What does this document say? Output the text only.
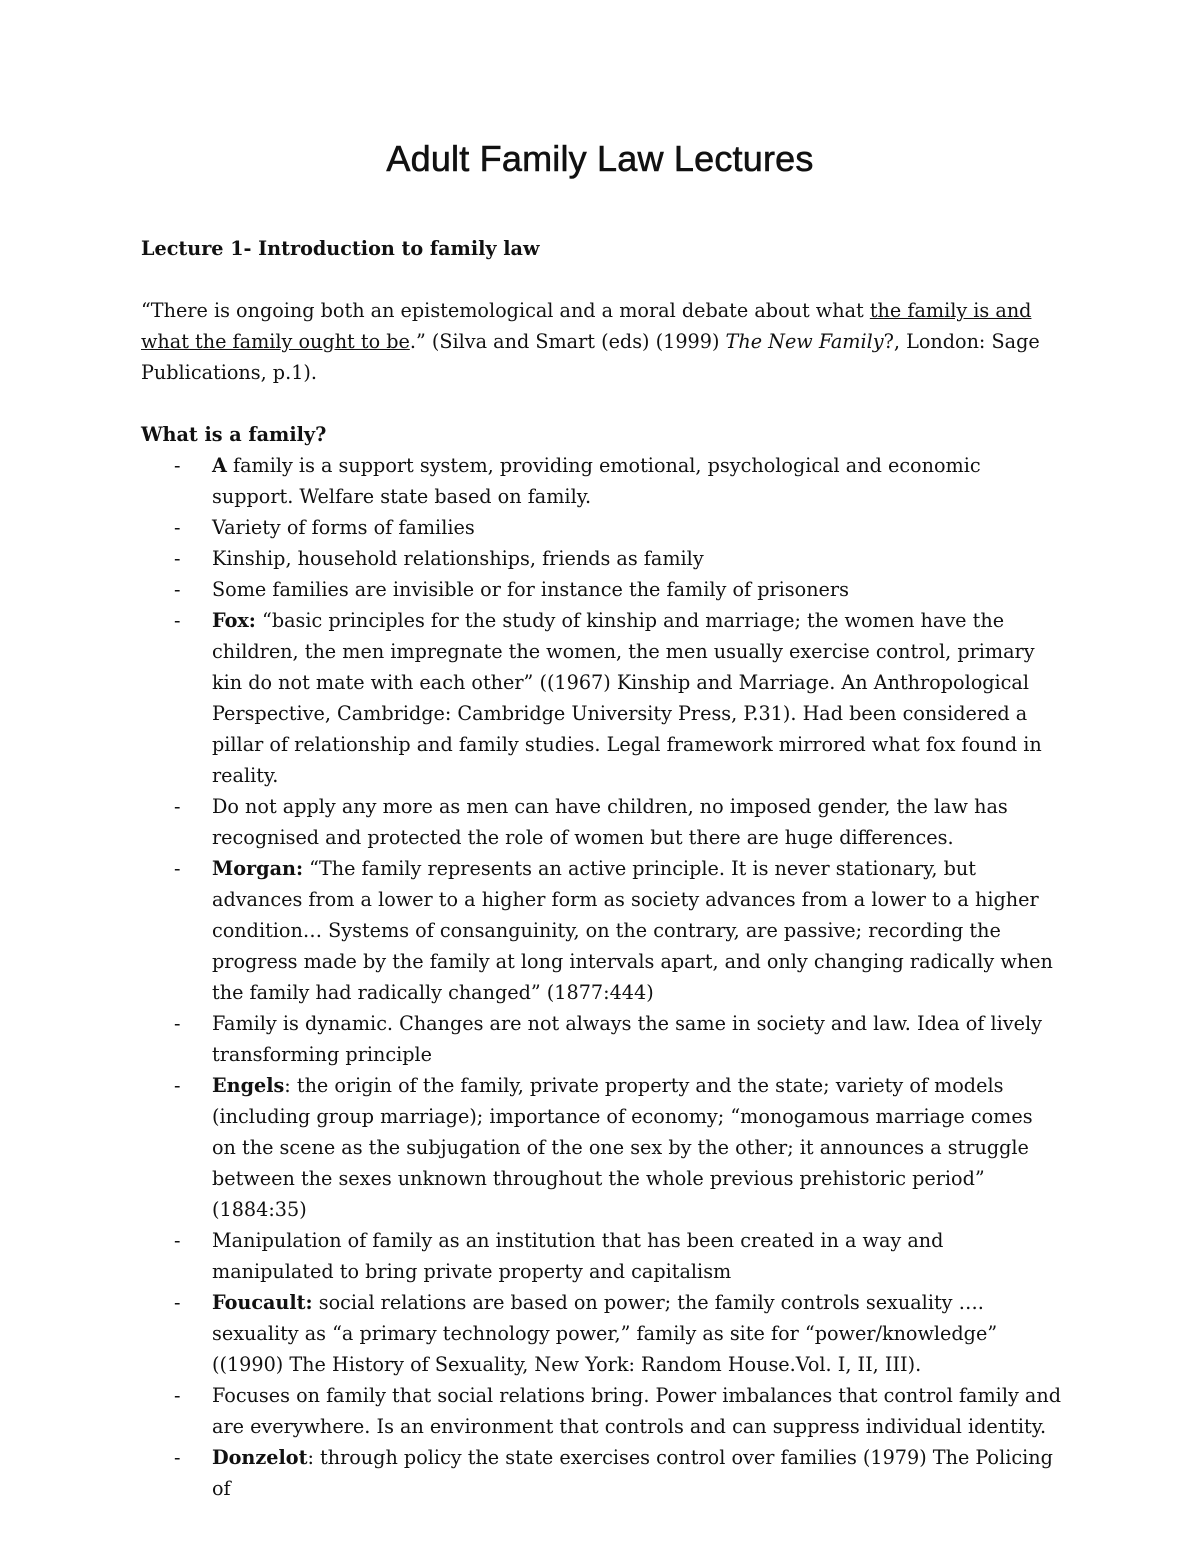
Adult Family Law Lectures

Lecture 1- Introduction to family law

“There is ongoing both an epistemological and a moral debate about what the family is and what the family ought to be.” (Silva and Smart (eds) (1999) The New Family?, London: Sage Publications, p.1).

What is a family?

- A family is a support system, providing emotional, psychological and economic support. Welfare state based on family.
- Variety of forms of families
- Kinship, household relationships, friends as family
- Some families are invisible or for instance the family of prisoners
- Fox: “basic principles for the study of kinship and marriage; the women have the children, the men impregnate the women, the men usually exercise control, primary kin do not mate with each other” ((1967) Kinship and Marriage. An Anthropological Perspective, Cambridge: Cambridge University Press, P.31). Had been considered a pillar of relationship and family studies. Legal framework mirrored what fox found in reality.
- Do not apply any more as men can have children, no imposed gender, the law has recognised and protected the role of women but there are huge differences.
- Morgan: “The family represents an active principle. It is never stationary, but advances from a lower to a higher form as society advances from a lower to a higher condition… Systems of consanguinity, on the contrary, are passive; recording the progress made by the family at long intervals apart, and only changing radically when the family had radically changed” (1877:444)
- Family is dynamic. Changes are not always the same in society and law. Idea of lively transforming principle
- Engels: the origin of the family, private property and the state; variety of models (including group marriage); importance of economy; “monogamous marriage comes on the scene as the subjugation of the one sex by the other; it announces a struggle between the sexes unknown throughout the whole previous prehistoric period” (1884:35)
- Manipulation of family as an institution that has been created in a way and manipulated to bring private property and capitalism
- Foucault: social relations are based on power; the family controls sexuality …. sexuality as “a primary technology power,” family as site for “power/knowledge” ((1990) The History of Sexuality, New York: Random House.Vol. I, II, III).
- Focuses on family that social relations bring. Power imbalances that control family and are everywhere. Is an environment that controls and can suppress individual identity.
- Donzelot: through policy the state exercises control over families (1979) The Policing of
